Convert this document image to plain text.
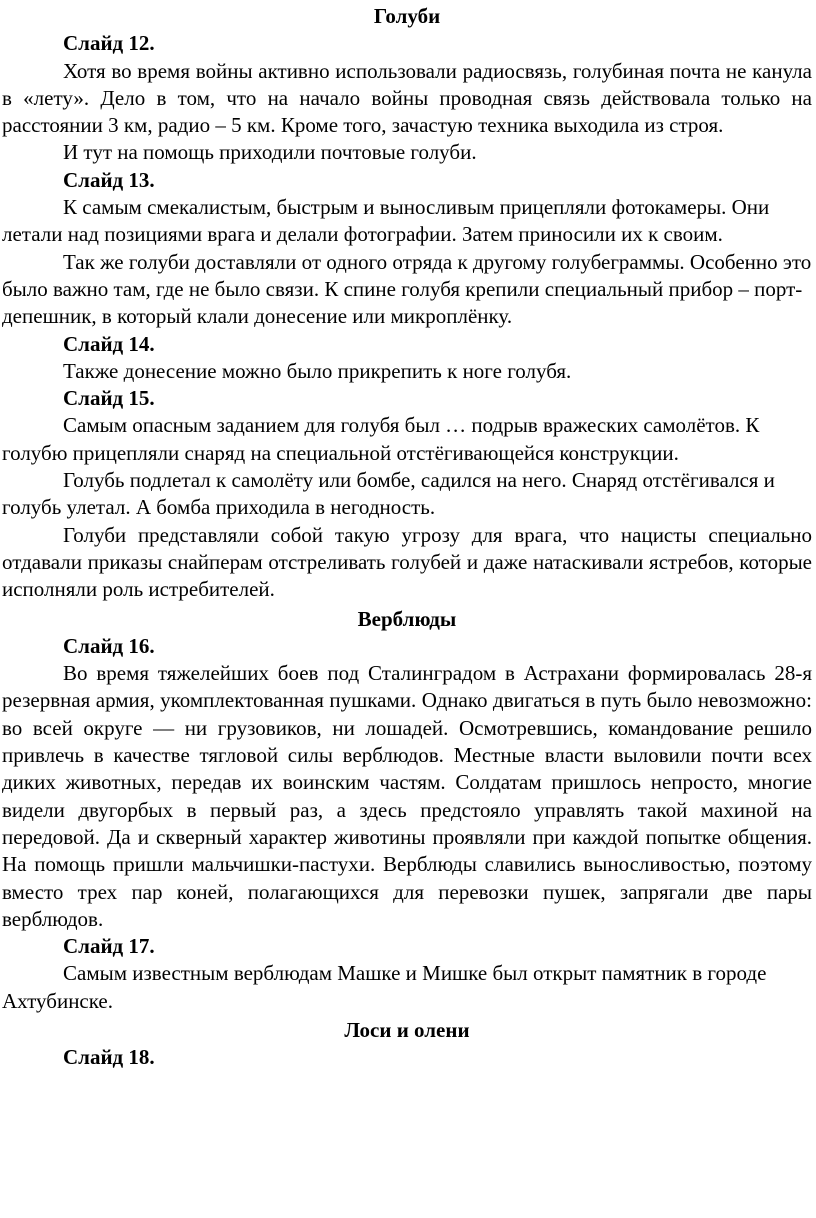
Голуби

Слайд 12.

Хотя во время войны активно использовали радиосвязь, голубиная почта не канула в «лету». Дело в том, что на начало войны проводная связь действовала только на расстоянии 3 км, радио – 5 км. Кроме того, зачастую техника выходила из строя.

И тут на помощь приходили почтовые голуби.

Слайд 13.

К самым смекалистым, быстрым и выносливым прицепляли фотокамеры. Они летали над позициями врага и делали фотографии. Затем приносили их к своим.

Так же голуби доставляли от одного отряда к другому голубеграммы. Особенно это было важно там, где не было связи. К спине голубя крепили специальный прибор – порт-депешник, в который клали донесение или микроплёнку.

Слайд 14.

Также донесение можно было прикрепить к ноге голубя.

Слайд 15.

Самым опасным заданием для голубя был … подрыв вражеских самолётов. К голубю прицепляли снаряд на специальной отстёгивающейся конструкции.

Голубь подлетал к самолёту или бомбе, садился на него. Снаряд отстёгивался и голубь улетал. А бомба приходила в негодность.

Голуби представляли собой такую угрозу для врага, что нацисты специально отдавали приказы снайперам отстреливать голубей и даже натаскивали ястребов, которые исполняли роль истребителей.

Верблюды

Слайд 16.

Во время тяжелейших боев под Сталинградом в Астрахани формировалась 28-я резервная армия, укомплектованная пушками. Однако двигаться в путь было невозможно: во всей округе — ни грузовиков, ни лошадей. Осмотревшись, командование решило привлечь в качестве тягловой силы верблюдов. Местные власти выловили почти всех диких животных, передав их воинским частям. Солдатам пришлось непросто, многие видели двугорбых в первый раз, а здесь предстояло управлять такой махиной на передовой. Да и скверный характер животины проявляли при каждой попытке общения. На помощь пришли мальчишки-пастухи. Верблюды славились выносливостью, поэтому вместо трех пар коней, полагающихся для перевозки пушек, запрягали две пары верблюдов.

Слайд 17.

Самым известным верблюдам Машке и Мишке был открыт памятник в городе Ахтубинске.

Лоси и олени

Слайд 18.
